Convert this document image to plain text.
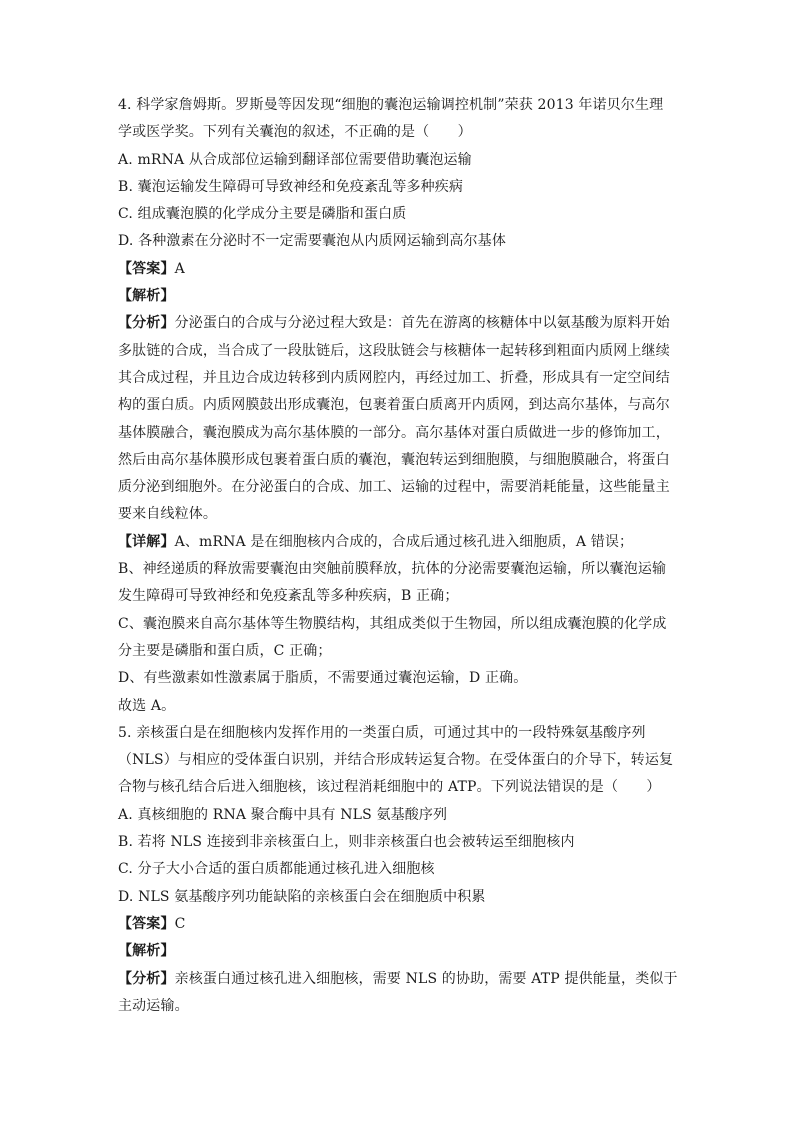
4. 科学家詹姆斯。罗斯曼等因发现“细胞的囊泡运输调控机制”荣获 2013 年诺贝尔生理
学或医学奖。下列有关囊泡的叙述，不正确的是（　　）
A. mRNA 从合成部位运输到翻译部位需要借助囊泡运输
B. 囊泡运输发生障碍可导致神经和免疫紊乱等多种疾病
C. 组成囊泡膜的化学成分主要是磷脂和蛋白质
D. 各种激素在分泌时不一定需要囊泡从内质网运输到高尔基体
【答案】A
【解析】
【分析】分泌蛋白的合成与分泌过程大致是：首先在游离的核糖体中以氨基酸为原料开始
多肽链的合成，当合成了一段肽链后，这段肽链会与核糖体一起转移到粗面内质网上继续
其合成过程，并且边合成边转移到内质网腔内，再经过加工、折叠，形成具有一定空间结
构的蛋白质。内质网膜鼓出形成囊泡，包裹着蛋白质离开内质网，到达高尔基体，与高尔
基体膜融合，囊泡膜成为高尔基体膜的一部分。高尔基体对蛋白质做进一步的修饰加工，
然后由高尔基体膜形成包裹着蛋白质的囊泡，囊泡转运到细胞膜，与细胞膜融合，将蛋白
质分泌到细胞外。在分泌蛋白的合成、加工、运输的过程中，需要消耗能量，这些能量主
要来自线粒体。
【详解】A、mRNA 是在细胞核内合成的，合成后通过核孔进入细胞质，A 错误；
B、神经递质的释放需要囊泡由突触前膜释放，抗体的分泌需要囊泡运输，所以囊泡运输
发生障碍可导致神经和免疫紊乱等多种疾病，B 正确；
C、囊泡膜来自高尔基体等生物膜结构，其组成类似于生物园，所以组成囊泡膜的化学成
分主要是磷脂和蛋白质，C 正确；
D、有些激素如性激素属于脂质，不需要通过囊泡运输，D 正确。
故选 A。
5. 亲核蛋白是在细胞核内发挥作用的一类蛋白质，可通过其中的一段特殊氨基酸序列
（NLS）与相应的受体蛋白识别，并结合形成转运复合物。在受体蛋白的介导下，转运复
合物与核孔结合后进入细胞核，该过程消耗细胞中的 ATP。下列说法错误的是（　　）
A. 真核细胞的 RNA 聚合酶中具有 NLS 氨基酸序列
B. 若将 NLS 连接到非亲核蛋白上，则非亲核蛋白也会被转运至细胞核内
C. 分子大小合适的蛋白质都能通过核孔进入细胞核
D. NLS 氨基酸序列功能缺陷的亲核蛋白会在细胞质中积累
【答案】C
【解析】
【分析】亲核蛋白通过核孔进入细胞核，需要 NLS 的协助，需要 ATP 提供能量，类似于
主动运输。
